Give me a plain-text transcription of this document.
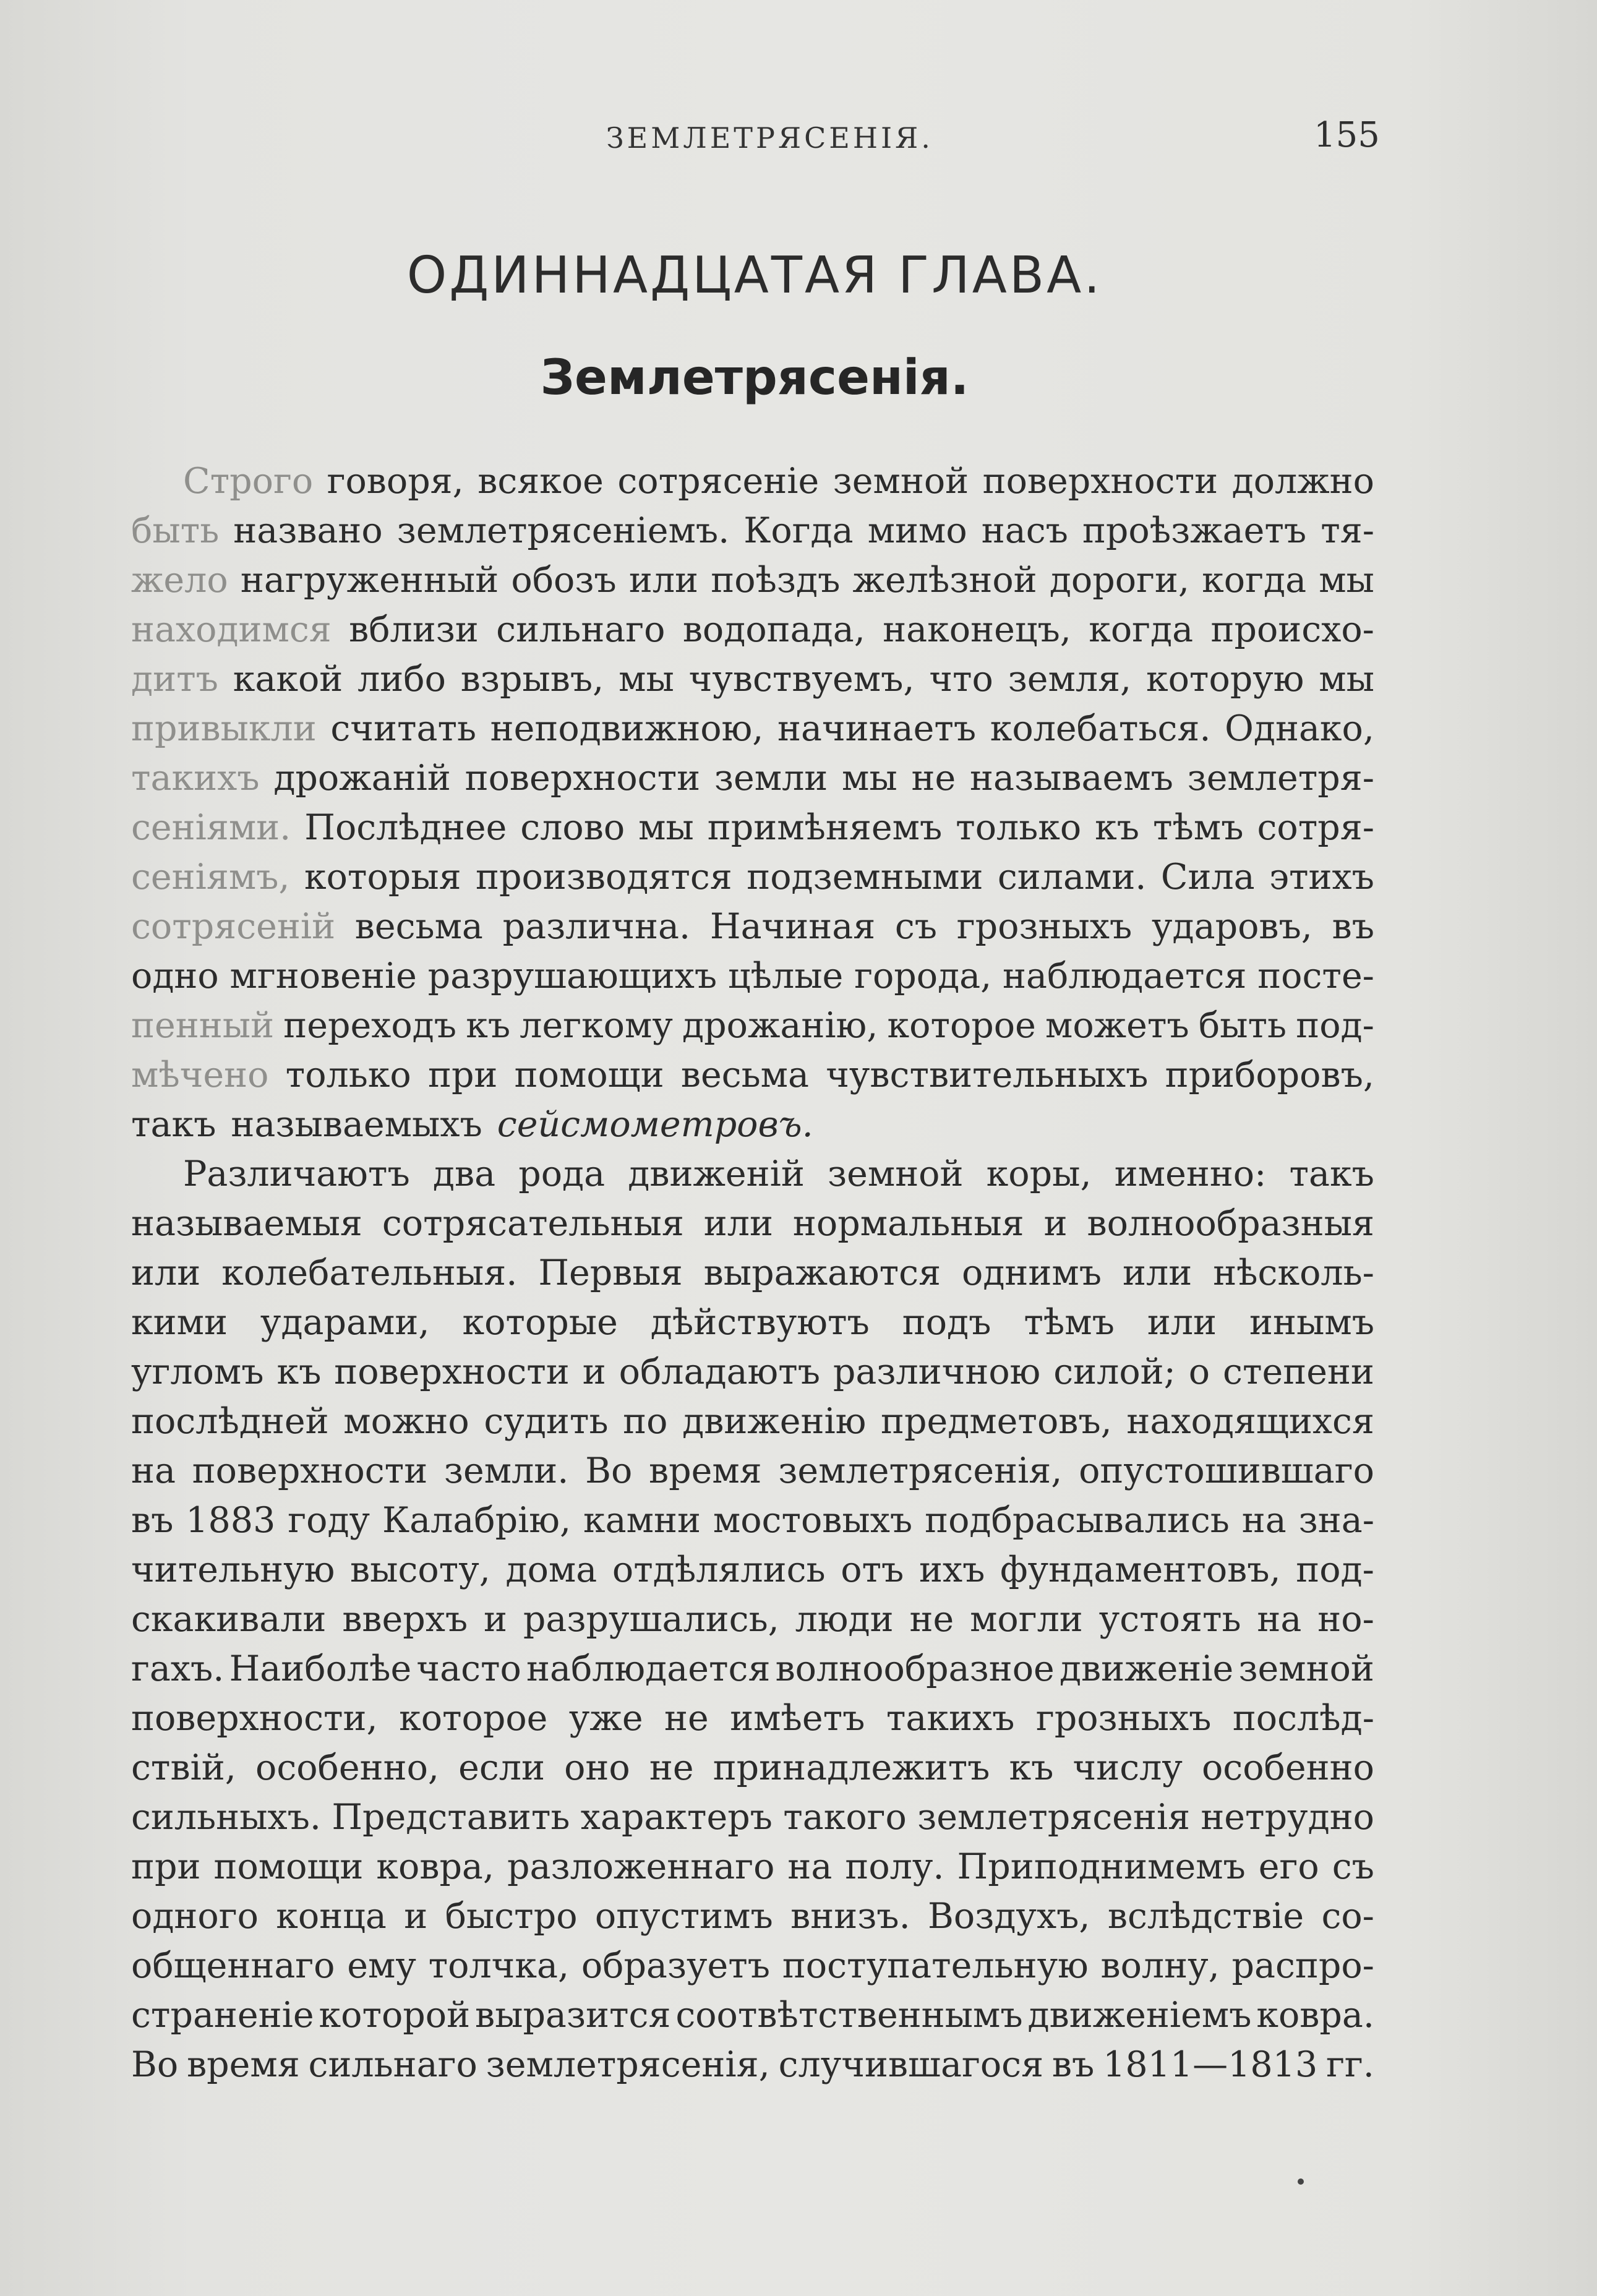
ЗЕМЛЕТРЯСЕНІЯ.	155
ОДИННАДЦАТАЯ ГЛАВА.
Землетрясенія.
Строго говоря, всякое сотрясеніе земной поверхности должно
быть названо землетрясеніемъ. Когда мимо насъ проѣзжаетъ тя-
жело нагруженный обозъ или поѣздъ желѣзной дороги, когда мы
находимся вблизи сильнаго водопада, наконецъ, когда происхо-
дитъ какой либо взрывъ, мы чувствуемъ, что земля, которую мы
привыкли считать неподвижною, начинаетъ колебаться. Однако,
такихъ дрожаній поверхности земли мы не называемъ землетря-
сеніями. Послѣднее слово мы примѣняемъ только къ тѣмъ сотря-
сеніямъ, которыя производятся подземными силами. Сила этихъ
сотрясеній весьма различна. Начиная съ грозныхъ ударовъ, въ
одно мгновеніе разрушающихъ цѣлые города, наблюдается посте-
пенный переходъ къ легкому дрожанію, которое можетъ быть под-
мѣчено только при помощи весьма чувствительныхъ приборовъ,
такъ называемыхъ сейсмометровъ.
Различаютъ два рода движеній земной коры, именно: такъ
называемыя сотрясательныя или нормальныя и волнообразныя
или колебательныя. Первыя выражаются однимъ или нѣсколь-
кими ударами, которые дѣйствуютъ подъ тѣмъ или инымъ
угломъ къ поверхности и обладаютъ различною силой; о степени
послѣдней можно судить по движенію предметовъ, находящихся
на поверхности земли. Во время землетрясенія, опустошившаго
въ 1883 году Калабрію, камни мостовыхъ подбрасывались на зна-
чительную высоту, дома отдѣлялись отъ ихъ фундаментовъ, под-
скакивали вверхъ и разрушались, люди не могли устоять на но-
гахъ. Наиболѣе часто наблюдается волнообразное движеніе земной
поверхности, которое уже не имѣетъ такихъ грозныхъ послѣд-
ствій, особенно, если оно не принадлежитъ къ числу особенно
сильныхъ. Представить характеръ такого землетрясенія нетрудно
при помощи ковра, разложеннаго на полу. Приподнимемъ его съ
одного конца и быстро опустимъ внизъ. Воздухъ, вслѣдствіе со-
общеннаго ему толчка, образуетъ поступательную волну, распро-
страненіе которой выразится соотвѣтственнымъ движеніемъ ковра.
Во время сильнаго землетрясенія, случившагося въ 1811—1813 гг.
